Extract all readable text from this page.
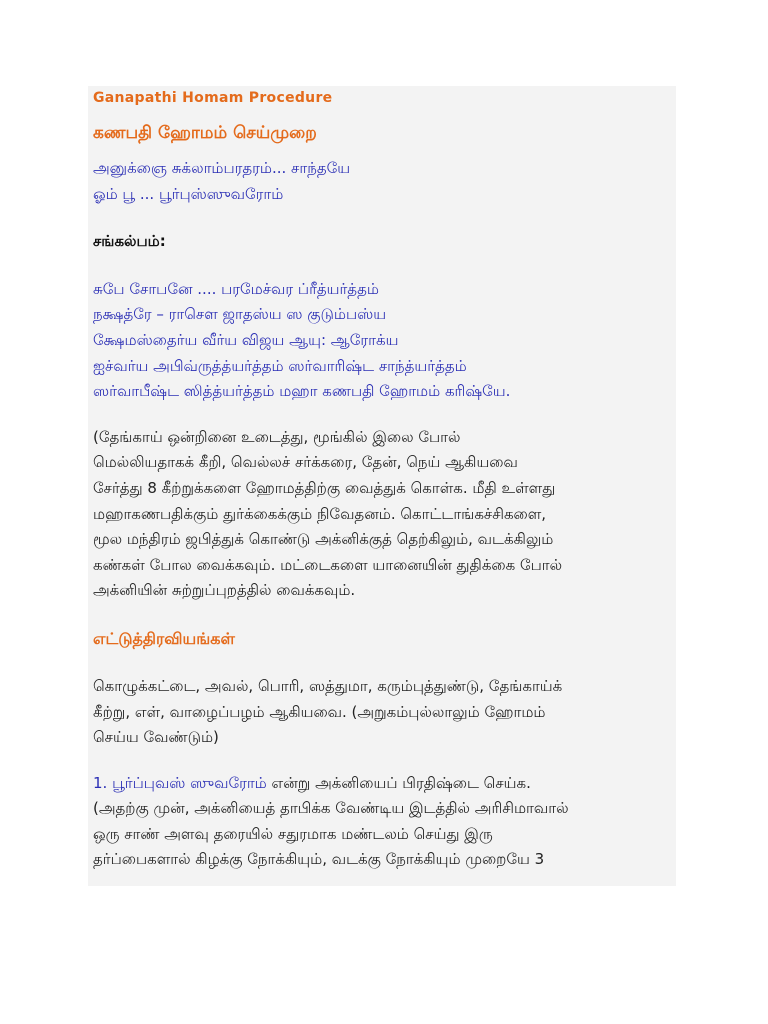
Ganapathi Homam Procedure
கணபதி ஹோமம் செய்முறை
அனுக்ஞை சுக்லாம்பரதரம்... சாந்தயே
ஓம் பூ ... பூர்புஸ்ஸுவரோம்
சங்கல்பம்:
சுபே சோபனே .... பரமேச்வர ப்ரீத்யர்த்தம்
நக்ஷத்ரே – ராசெள ஜாதஸ்ய ஸ குடும்பஸ்ய
க்ஷேமஸ்தைர்ய வீர்ய விஜய ஆயு: ஆரோக்ய
ஐச்வர்ய அபிவ்ருத்த்யர்த்தம் ஸர்வாரிஷ்ட சாந்த்யர்த்தம்
ஸர்வாபீஷ்ட ஸித்த்யர்த்தம் மஹா கணபதி ஹோமம் கரிஷ்யே.
(தேங்காய் ஒன்றினை உடைத்து, மூங்கில் இலை போல்
மெல்லியதாகக் கீறி, வெல்லச் சர்க்கரை, தேன், நெய் ஆகியவை
சேர்த்து 8 கீற்றுக்களை ஹோமத்திற்கு வைத்துக் கொள்க. மீதி உள்ளது
மஹாகணபதிக்கும் துர்க்கைக்கும் நிவேதனம். கொட்டாங்கச்சிகளை,
மூல மந்திரம் ஜபித்துக் கொண்டு அக்னிக்குத் தெற்கிலும், வடக்கிலும்
கண்கள் போல வைக்கவும். மட்டைகளை யானையின் துதிக்கை போல்
அக்னியின் சுற்றுப்புறத்தில் வைக்கவும்.
எட்டுத்திரவியங்கள்
கொழுக்கட்டை, அவல், பொரி, ஸத்துமா, கரும்புத்துண்டு, தேங்காய்க்
கீற்று, எள், வாழைப்பழம் ஆகியவை. (அறுகம்புல்லாலும் ஹோமம்
செய்ய வேண்டும்)
1. பூர்ப்புவஸ் ஸுவரோம் என்று அக்னியைப் பிரதிஷ்டை செய்க.
(அதற்கு முன், அக்னியைத் தாபிக்க வேண்டிய இடத்தில் அரிசிமாவால்
ஒரு சாண் அளவு தரையில் சதுரமாக மண்டலம் செய்து இரு
தர்ப்பைகளால் கிழக்கு நோக்கியும், வடக்கு நோக்கியும் முறையே 3
